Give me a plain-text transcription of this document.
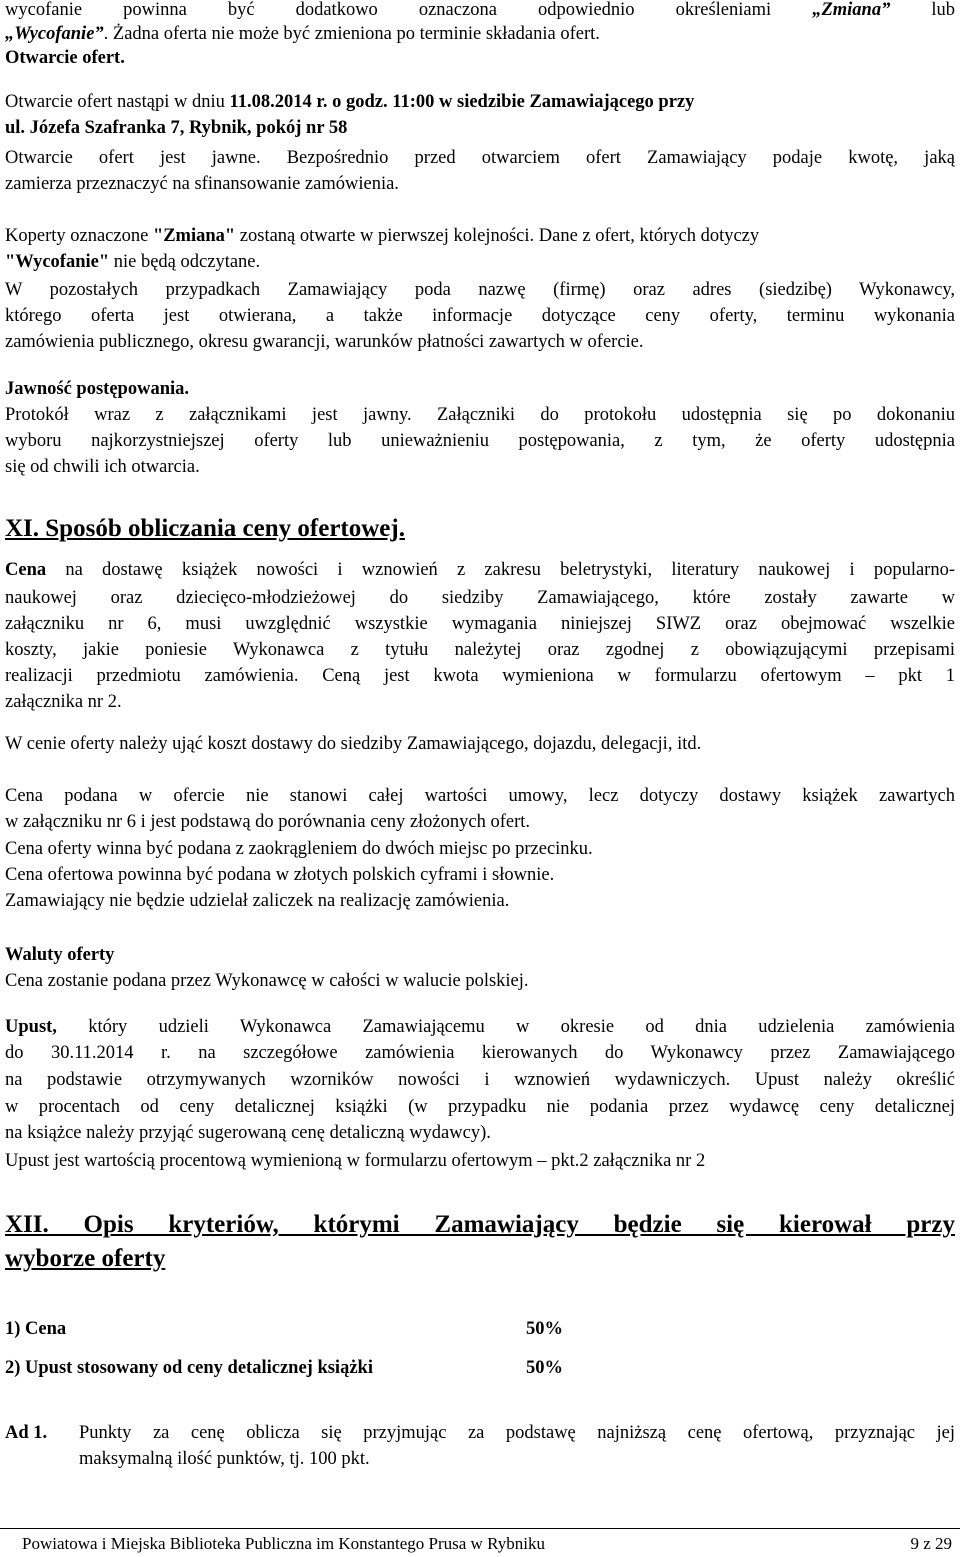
wycofanie powinna być dodatkowo oznaczona odpowiednio określeniami „Zmiana” lub
„Wycofanie”. Żadna oferta nie może być zmieniona po terminie składania ofert.
Otwarcie ofert.
Otwarcie ofert nastąpi w dniu 11.08.2014 r. o godz. 11:00 w siedzibie Zamawiającego przy
ul. Józefa Szafranka 7, Rybnik, pokój nr 58
Otwarcie ofert jest jawne. Bezpośrednio przed otwarciem ofert Zamawiający podaje kwotę, jaką
zamierza przeznaczyć na sfinansowanie zamówienia.
Koperty oznaczone "Zmiana" zostaną otwarte w pierwszej kolejności. Dane z ofert, których dotyczy
"Wycofanie" nie będą odczytane.
W pozostałych przypadkach Zamawiający poda nazwę (firmę) oraz adres (siedzibę) Wykonawcy,
którego oferta jest otwierana, a także informacje dotyczące ceny oferty, terminu wykonania
zamówienia publicznego, okresu gwarancji, warunków płatności zawartych w ofercie.
Jawność postępowania.
Protokół wraz z załącznikami jest jawny. Załączniki do protokołu udostępnia się po dokonaniu
wyboru najkorzystniejszej oferty lub unieważnieniu postępowania, z tym, że oferty udostępnia
się od chwili ich otwarcia.
XI. Sposób obliczania ceny ofertowej.
Cena na dostawę książek nowości i wznowień z zakresu beletrystyki, literatury naukowej i popularno-
naukowej oraz dziecięco-młodzieżowej do siedziby Zamawiającego, które zostały zawarte w
załączniku nr 6, musi uwzględnić wszystkie wymagania niniejszej SIWZ oraz obejmować wszelkie
koszty, jakie poniesie Wykonawca z tytułu należytej oraz zgodnej z obowiązującymi przepisami
realizacji przedmiotu zamówienia. Ceną jest kwota wymieniona w formularzu ofertowym – pkt 1
załącznika nr 2.
W cenie oferty należy ująć koszt dostawy do siedziby Zamawiającego, dojazdu, delegacji, itd.
Cena podana w ofercie nie stanowi całej wartości umowy, lecz dotyczy dostawy książek zawartych
w załączniku nr 6 i jest podstawą do porównania ceny złożonych ofert.
Cena oferty winna być podana z zaokrągleniem do dwóch miejsc po przecinku.
Cena ofertowa powinna być podana w złotych polskich cyframi i słownie.
Zamawiający nie będzie udzielał zaliczek na realizację zamówienia.
Waluty oferty
Cena zostanie podana przez Wykonawcę w całości w walucie polskiej.
Upust, który udzieli Wykonawca Zamawiającemu w okresie od dnia udzielenia zamówienia
do 30.11.2014 r. na szczegółowe zamówienia kierowanych do Wykonawcy przez Zamawiającego
na podstawie otrzymywanych wzorników nowości i wznowień wydawniczych. Upust należy określić
w procentach od ceny detalicznej książki (w przypadku nie podania przez wydawcę ceny detalicznej
na książce należy przyjąć sugerowaną cenę detaliczną wydawcy).
Upust jest wartością procentową wymienioną w formularzu ofertowym – pkt.2 załącznika nr 2
XII. Opis kryteriów, którymi Zamawiający będzie się kierował przy
wyborze oferty
1) Cena	50%
2) Upust stosowany od ceny detalicznej książki	50%
Ad 1. Punkty za cenę oblicza się przyjmując za podstawę najniższą cenę ofertową, przyznając jej
maksymalną ilość punktów, tj. 100 pkt.
Powiatowa i Miejska Biblioteka Publiczna im Konstantego Prusa w Rybniku	9 z 29
